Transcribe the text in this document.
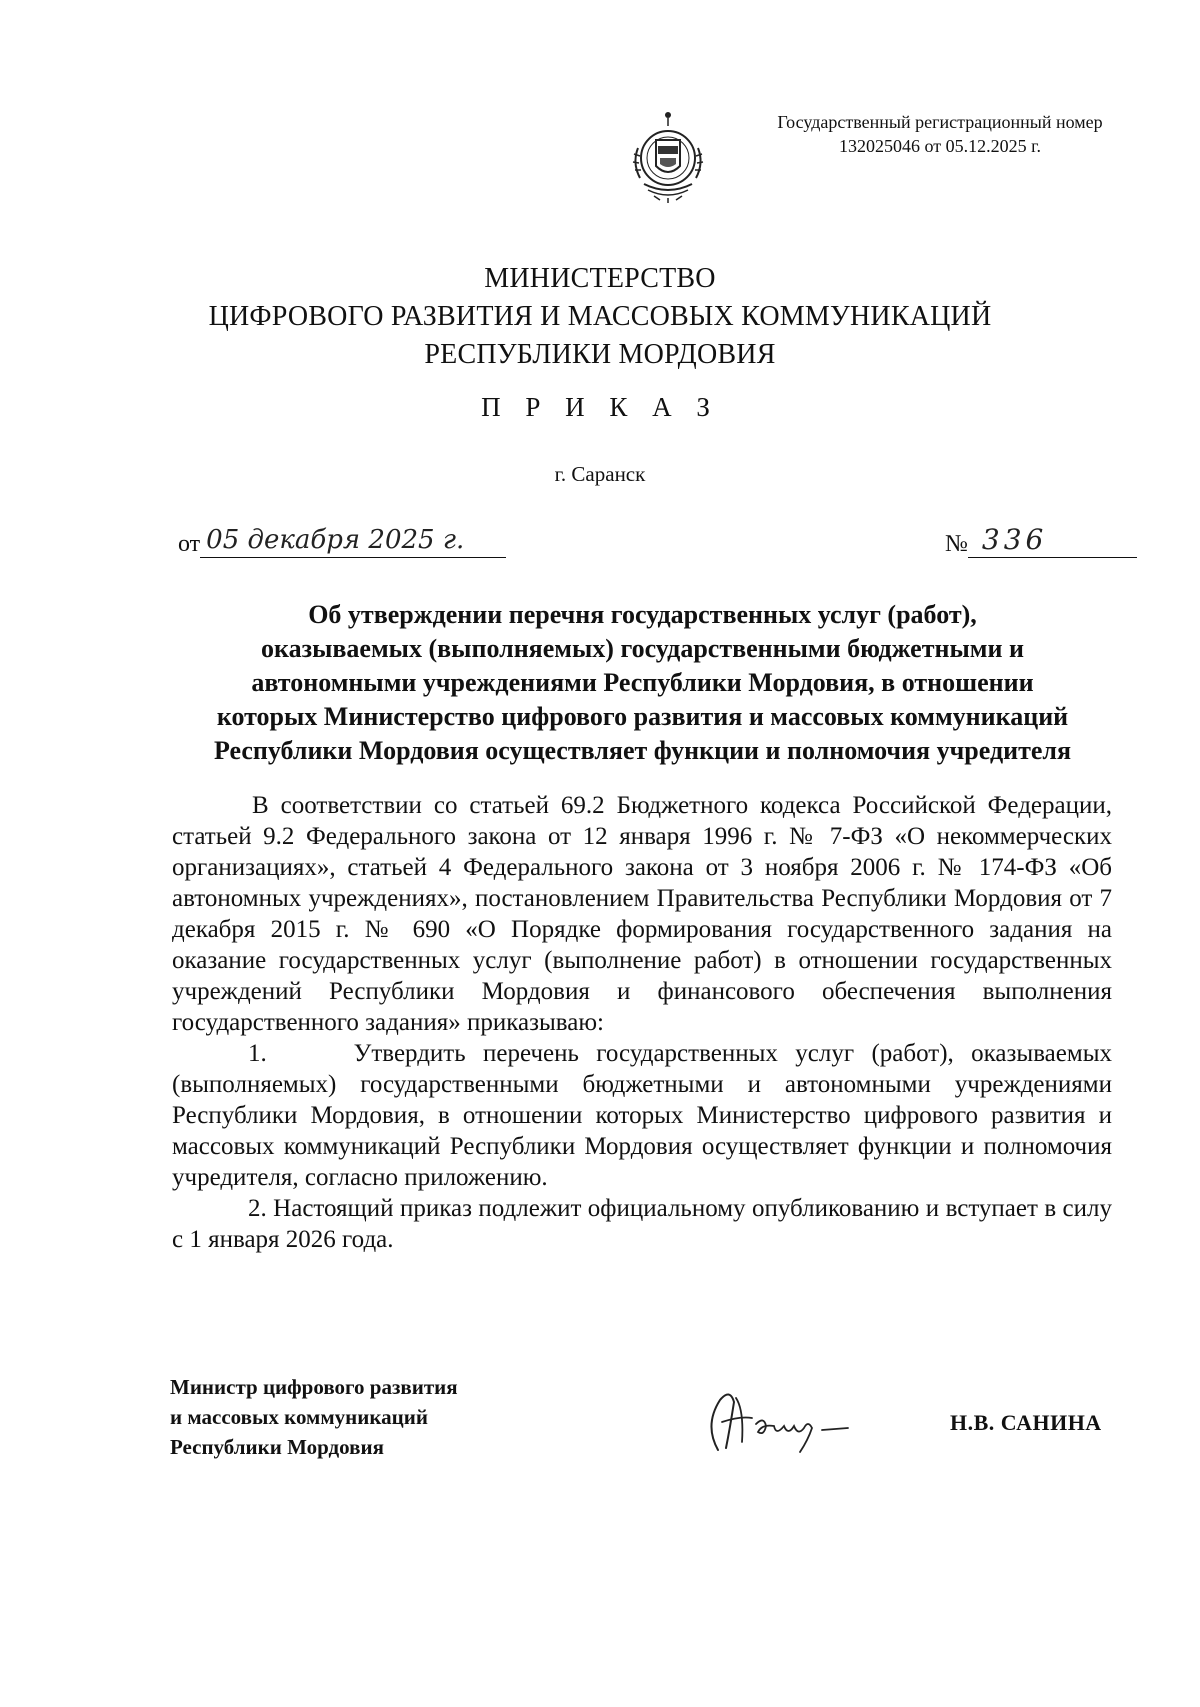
Государственный регистрационный номер
132025046 от 05.12.2025 г.
МИНИСТЕРСТВО
ЦИФРОВОГО РАЗВИТИЯ И МАССОВЫХ КОММУНИКАЦИЙ
РЕСПУБЛИКИ МОРДОВИЯ
П Р И К А З
г. Саранск
от 05 декабря 2025 г.	№ 336
Об утверждении перечня государственных услуг (работ),
оказываемых (выполняемых) государственными бюджетными и
автономными учреждениями Республики Мордовия, в отношении
которых Министерство цифрового развития и массовых коммуникаций
Республики Мордовия осуществляет функции и полномочия учредителя

В соответствии со статьей 69.2 Бюджетного кодекса Российской Федерации, статьей 9.2 Федерального закона от 12 января 1996 г. № 7-ФЗ «О некоммерческих организациях», статьей 4 Федерального закона от 3 ноября 2006 г. № 174-ФЗ «Об автономных учреждениях», постановлением Правительства Республики Мордовия от 7 декабря 2015 г. № 690 «О Порядке формирования государственного задания на оказание государственных услуг (выполнение работ) в отношении государственных учреждений Республики Мордовия и финансового обеспечения выполнения государственного задания» приказываю:

1.     Утвердить перечень государственных услуг (работ), оказываемых (выполняемых) государственными бюджетными и автономными учреждениями Республики Мордовия, в отношении которых Министерство цифрового развития и массовых коммуникаций Республики Мордовия осуществляет функции и полномочия учредителя, согласно приложению.

2. Настоящий приказ подлежит официальному опубликованию и вступает в силу с 1 января 2026 года.

Министр цифрового развития
и массовых коммуникаций
Республики Мордовия
Н.В. САНИНА
